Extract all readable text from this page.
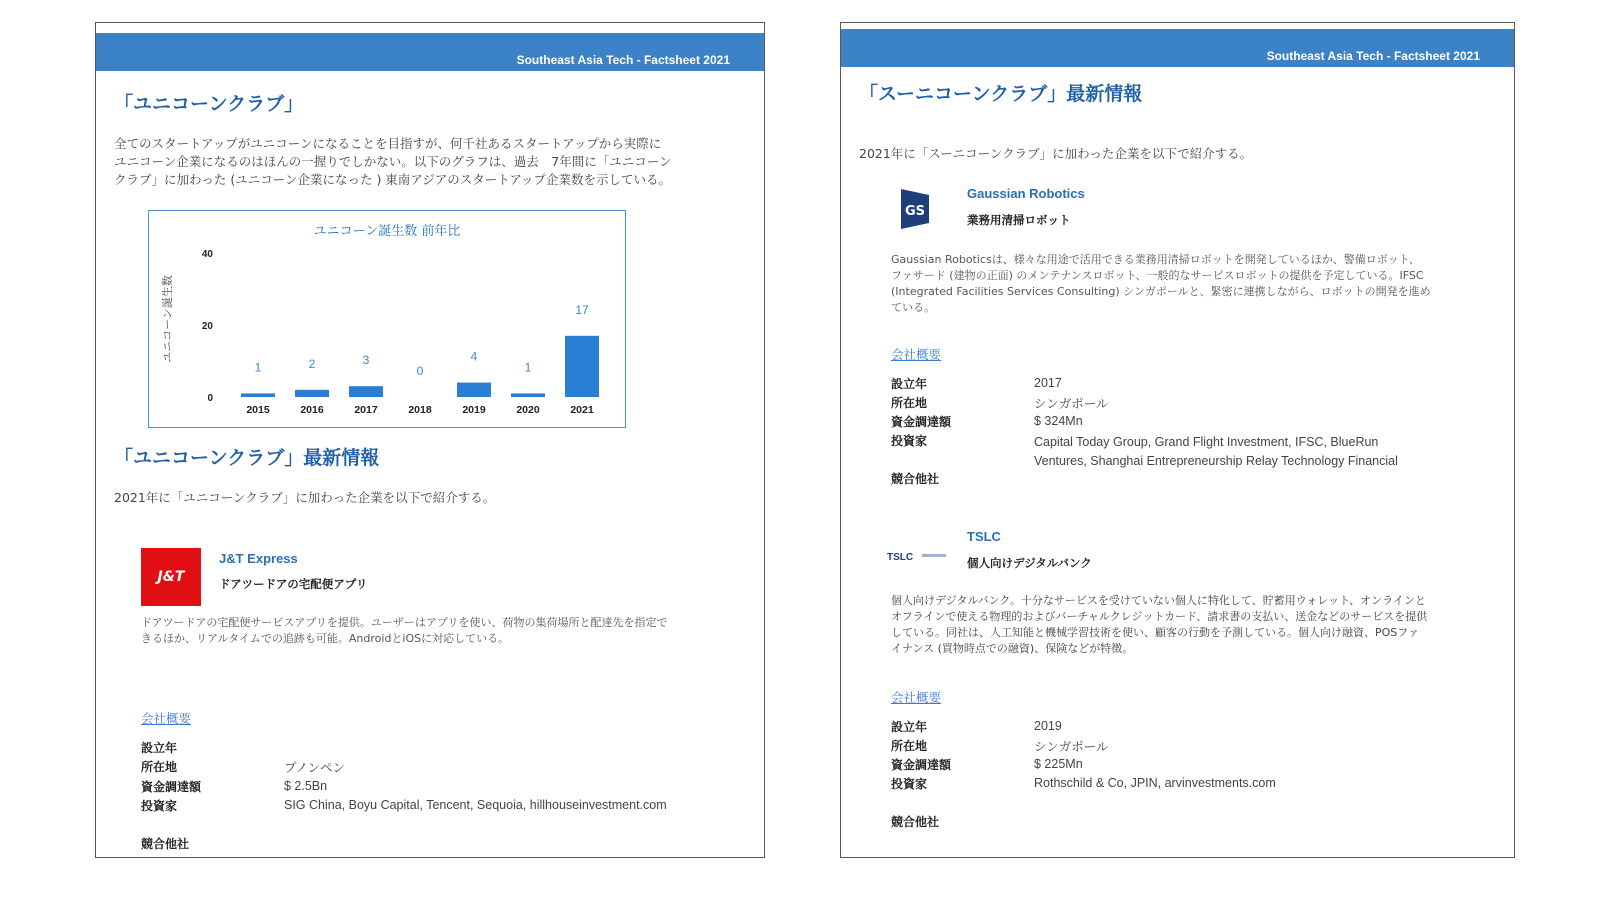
Southeast Asia Tech - Factsheet 2021
「ユニコーンクラブ」
全てのスタートアップがユニコーンになることを目指すが、何千社あるスタートアップから実際に
ユニコーン企業になるのはほんの一握りでしかない。以下のグラフは、過去　7年間に「ユニコーン
クラブ」に加わった (ユニコーン企業になった ) 東南アジアのスタートアップ企業数を示している。
ユニコーン誕生数 前年比
ユニコーン誕生数
0
20
40
1
2015
2
2016
3
2017
0
2018
4
2019
1
2020
17
2021
「ユニコーンクラブ」最新情報
2021年に「ユニコーンクラブ」に加わった企業を以下で紹介する。
J&T
J&T Express
ドアツードアの宅配便アプリ
ドアツードアの宅配便サービスアプリを提供。ユーザーはアプリを使い、荷物の集荷場所と配達先を指定で
きるほか、リアルタイムでの追跡も可能。AndroidとiOSに対応している。
会社概要
設立年
所在地	プノンペン
資金調達額	$ 2.5Bn
投資家	SIG China, Boyu Capital, Tencent, Sequoia, hillhouseinvestment.com
競合他社
Southeast Asia Tech - Factsheet 2021
「スーニコーンクラブ」最新情報
2021年に「スーニコーンクラブ」に加わった企業を以下で紹介する。
GS
Gaussian Robotics
業務用清掃ロボット
Gaussian Roboticsは、様々な用途で活用できる業務用清掃ロボットを開発しているほか、警備ロボット、
ファサード (建物の正面) のメンテナンスロボット、一般的なサービスロボットの提供を予定している。IFSC
(Integrated Facilities Services Consulting) シンガポールと、緊密に連携しながら、ロボットの開発を進め
ている。
会社概要
設立年	2017
所在地	シンガポール
資金調達額	$ 324Mn
投資家	Capital Today Group, Grand Flight Investment, IFSC, BlueRun
Ventures, Shanghai Entrepreneurship Relay Technology Financial
競合他社
TSLC
TSLC
個人向けデジタルバンク
個人向けデジタルバンク。十分なサービスを受けていない個人に特化して、貯蓄用ウォレット、オンラインと
オフラインで使える物理的およびバーチャルクレジットカード、請求書の支払い、送金などのサービスを提供
している。同社は、人工知能と機械学習技術を使い、顧客の行動を予測している。個人向け融資、POSファ
イナンス (買物時点での融資)、保険などが特徴。
会社概要
設立年	2019
所在地	シンガポール
資金調達額	$ 225Mn
投資家	Rothschild & Co, JPIN, arvinvestments.com
競合他社
